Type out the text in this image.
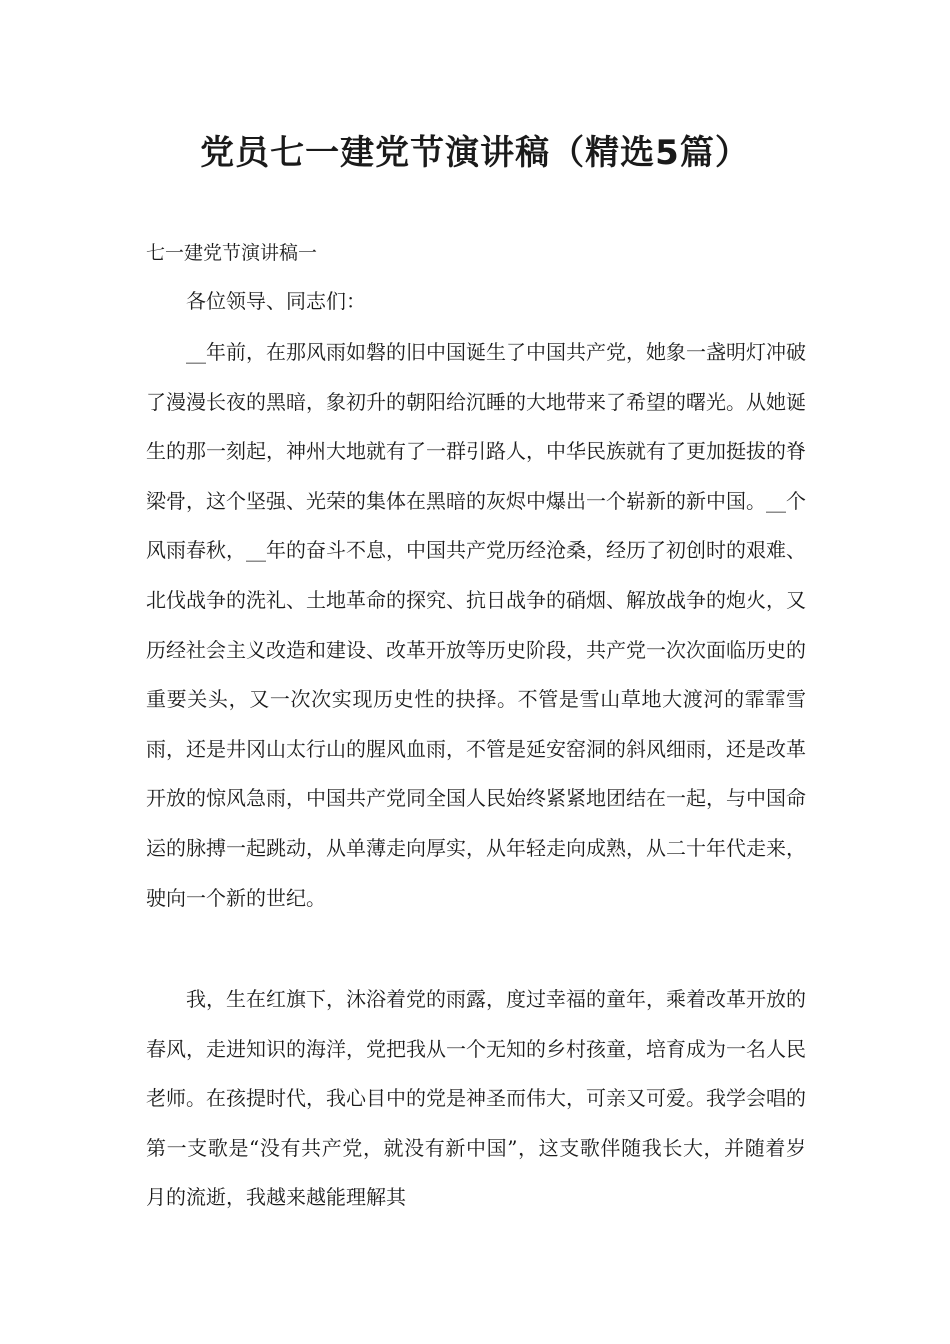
党员七一建党节演讲稿（精选5篇）

七一建党节演讲稿一

各位领导、同志们：

__年前，在那风雨如磐的旧中国诞生了中国共产党，她象一盏明灯冲破了漫漫长夜的黑暗，象初升的朝阳给沉睡的大地带来了希望的曙光。从她诞生的那一刻起，神州大地就有了一群引路人，中华民族就有了更加挺拔的脊梁骨，这个坚强、光荣的集体在黑暗的灰烬中爆出一个崭新的新中国。__个风雨春秋，__年的奋斗不息，中国共产党历经沧桑，经历了初创时的艰难、北伐战争的洗礼、土地革命的探究、抗日战争的硝烟、解放战争的炮火，又历经社会主义改造和建设、改革开放等历史阶段，共产党一次次面临历史的重要关头，又一次次实现历史性的抉择。不管是雪山草地大渡河的霏霏雪雨，还是井冈山太行山的腥风血雨，不管是延安窑洞的斜风细雨，还是改革开放的惊风急雨，中国共产党同全国人民始终紧紧地团结在一起，与中国命运的脉搏一起跳动，从单薄走向厚实，从年轻走向成熟，从二十年代走来，驶向一个新的世纪。

我，生在红旗下，沐浴着党的雨露，度过幸福的童年，乘着改革开放的春风，走进知识的海洋，党把我从一个无知的乡村孩童，培育成为一名人民老师。在孩提时代，我心目中的党是神圣而伟大，可亲又可爱。我学会唱的第一支歌是“没有共产党，就没有新中国”，这支歌伴随我长大，并随着岁月的流逝，我越来越能理解其
